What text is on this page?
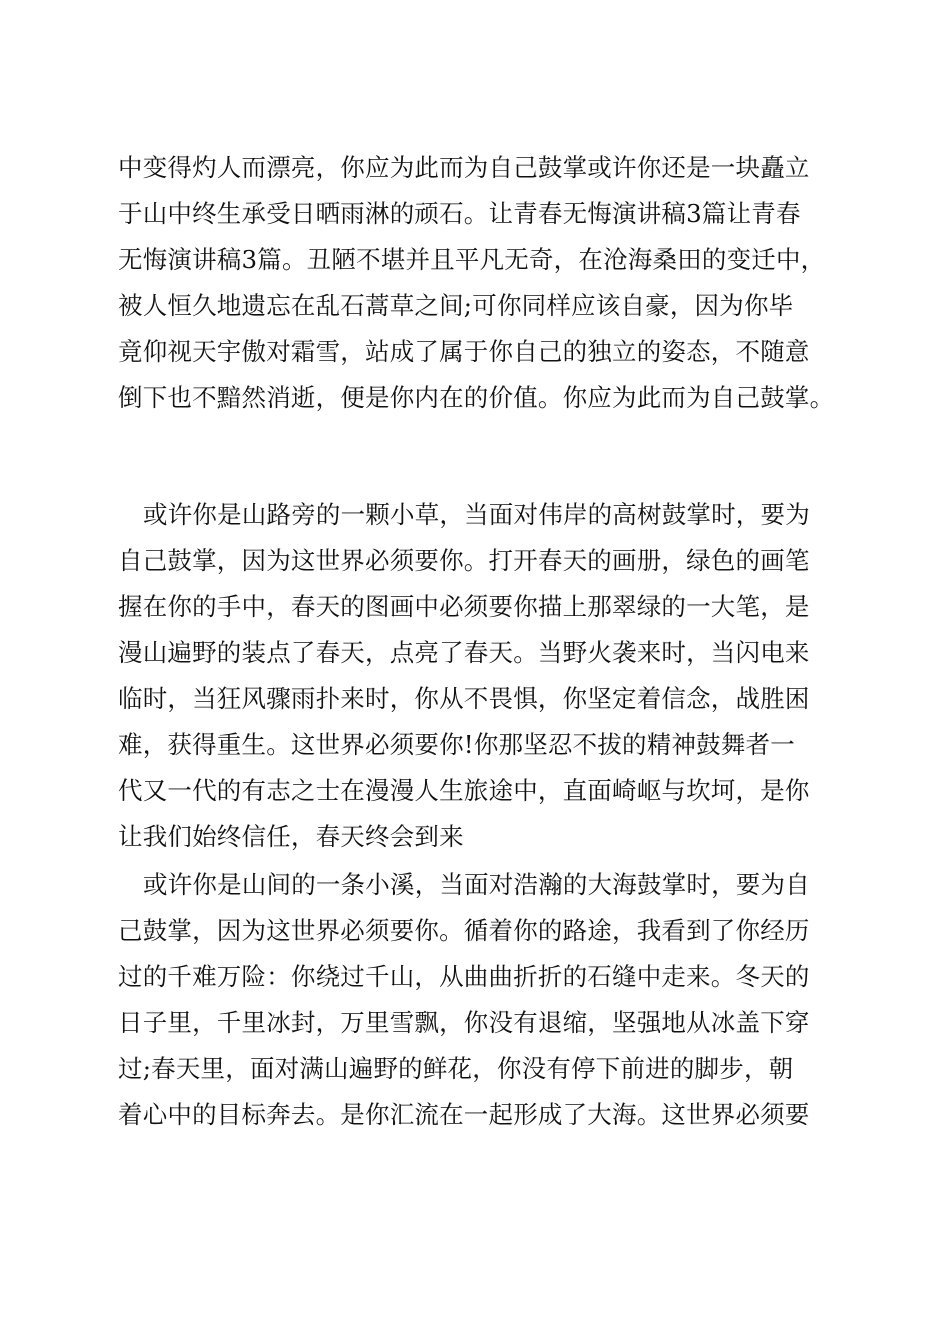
中变得灼人而漂亮，你应为此而为自己鼓掌或许你还是一块矗立
于山中终生承受日晒雨淋的顽石。让青春无悔演讲稿3篇让青春
无悔演讲稿3篇。丑陋不堪并且平凡无奇，在沧海桑田的变迁中，
被人恒久地遗忘在乱石蒿草之间;可你同样应该自豪，因为你毕
竟仰视天宇傲对霜雪，站成了属于你自己的独立的姿态，不随意
倒下也不黯然消逝，便是你内在的价值。你应为此而为自己鼓掌。
或许你是山路旁的一颗小草，当面对伟岸的高树鼓掌时，要为
自己鼓掌，因为这世界必须要你。打开春天的画册，绿色的画笔
握在你的手中，春天的图画中必须要你描上那翠绿的一大笔，是
漫山遍野的装点了春天，点亮了春天。当野火袭来时，当闪电来
临时，当狂风骤雨扑来时，你从不畏惧，你坚定着信念，战胜困
难，获得重生。这世界必须要你!你那坚忍不拔的精神鼓舞者一
代又一代的有志之士在漫漫人生旅途中，直面崎岖与坎坷，是你
让我们始终信任，春天终会到来
或许你是山间的一条小溪，当面对浩瀚的大海鼓掌时，要为自
己鼓掌，因为这世界必须要你。循着你的路途，我看到了你经历
过的千难万险：你绕过千山，从曲曲折折的石缝中走来。冬天的
日子里，千里冰封，万里雪飘，你没有退缩，坚强地从冰盖下穿
过;春天里，面对满山遍野的鲜花，你没有停下前进的脚步，朝
着心中的目标奔去。是你汇流在一起形成了大海。这世界必须要
